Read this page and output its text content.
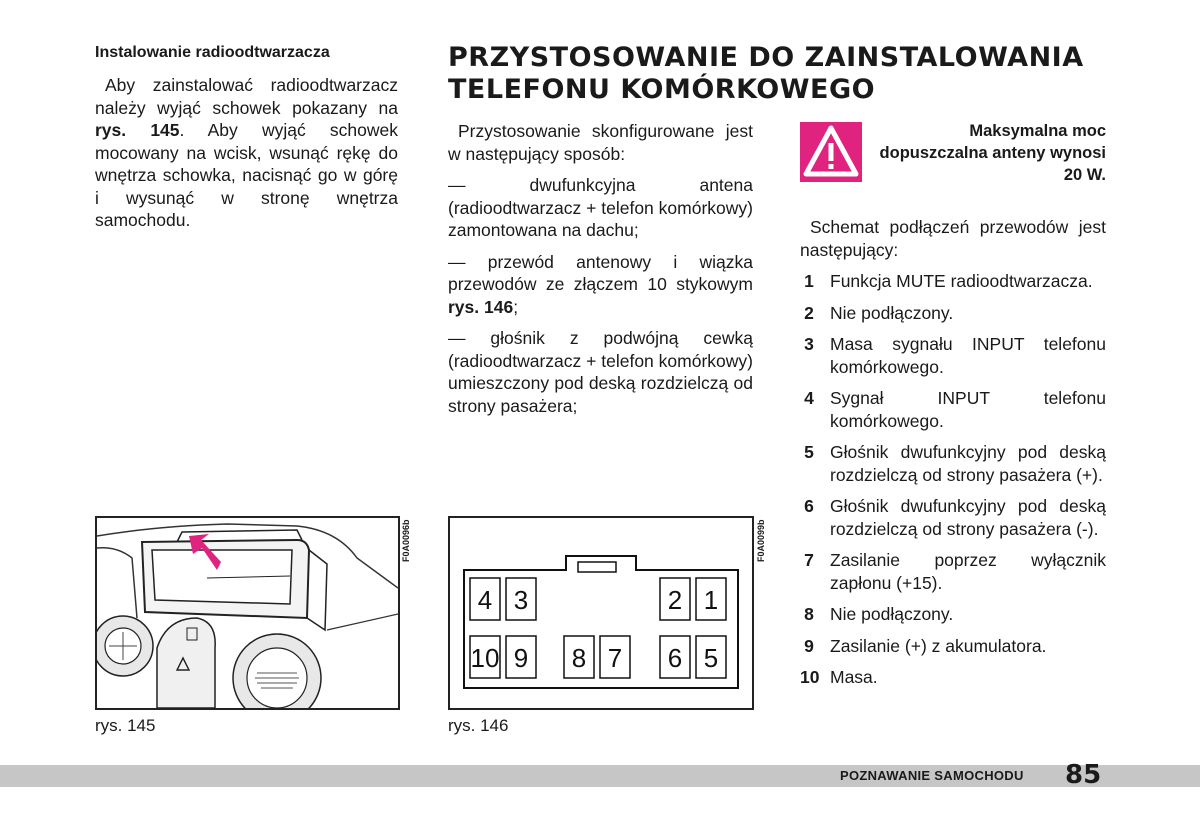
Instalowanie radioodtwarzacza

Aby zainstalować radioodtwarzacz należy wyjąć schowek pokazany na rys. 145. Aby wyjąć schowek mocowany na wcisk, wsunąć rękę do wnętrza schowka, nacisnąć go w górę i wysunąć w stronę wnętrza samochodu.

PRZYSTOSOWANIE DO ZAINSTALOWANIA
TELEFONU KOMÓRKOWEGO

Przystosowanie skonfigurowane jest w następujący sposób:

— dwufunkcyjna antena (radioodtwarzacz + telefon komórkowy) zamontowana na dachu;

— przewód antenowy i wiązka przewodów ze złączem 10 stykowym rys. 146;

— głośnik z podwójną cewką (radioodtwarzacz + telefon komórkowy) umieszczony pod deską rozdzielczą od strony pasażera;

Maksymalna moc dopuszczalna anteny wynosi 20 W.

Schemat podłączeń przewodów jest następujący:

1 Funkcja MUTE radioodtwarzacza.
2 Nie podłączony.
3 Masa sygnału INPUT telefonu komórkowego.
4 Sygnał INPUT telefonu komórkowego.
5 Głośnik dwufunkcyjny pod deską rozdzielczą od strony pasażera (+).
6 Głośnik dwufunkcyjny pod deską rozdzielczą od strony pasażera (-).
7 Zasilanie poprzez wyłącznik zapłonu (+15).
8 Nie podłączony.
9 Zasilanie (+) z akumulatora.
10 Masa.
F0A0096b
rys. 145
4 3	2 1
10 9 8 7 6 5
F0A0099b
rys. 146
POZNAWANIE SAMOCHODU 85
